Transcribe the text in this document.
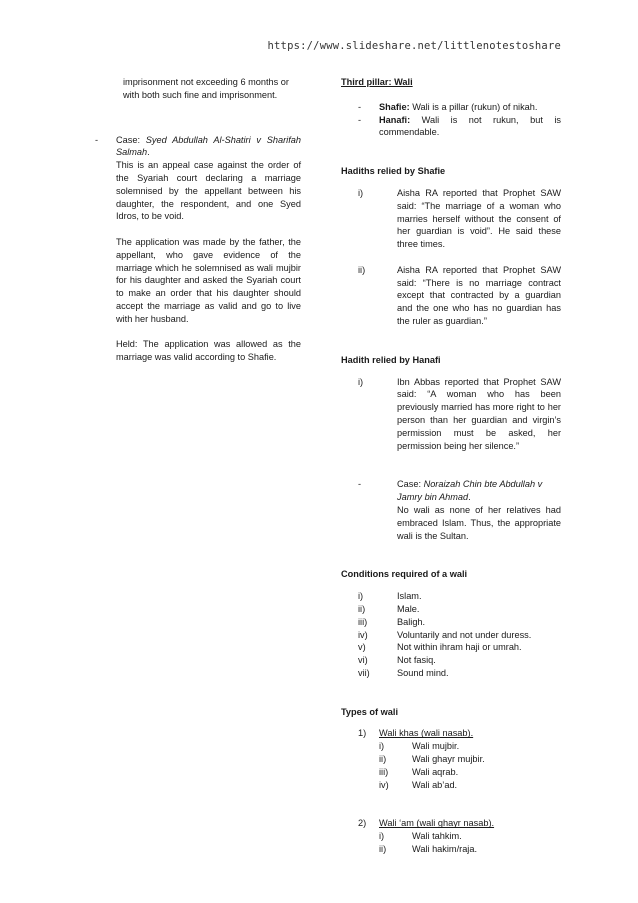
https://www.slideshare.net/littlenotestoshare

imprisonment not exceeding 6 months or
with both such fine and imprisonment.

-	Case: Syed Abdullah Al-Shatiri v Sharifah Salmah.

This is an appeal case against the order of the Syariah court declaring a marriage solemnised by the appellant between his daughter, the respondent, and one Syed Idros, to be void.

The application was made by the father, the appellant, who gave evidence of the marriage which he solemnised as wali mujbir for his daughter and asked the Syariah court to make an order that his daughter should accept the marriage as valid and go to live with her husband.

Held: The application was allowed as the marriage was valid according to Shafie.

Third pillar: Wali

-	Shafie: Wali is a pillar (rukun) of nikah.
-	Hanafi: Wali is not rukun, but is commendable.

Hadiths relied by Shafie

i)	Aisha RA reported that Prophet SAW said: “The marriage of a woman who marries herself without the consent of her guardian is void”. He said these three times.
ii)	Aisha RA reported that Prophet SAW said: “There is no marriage contract except that contracted by a guardian and the one who has no guardian has the ruler as guardian.”

Hadith relied by Hanafi

i)	Ibn Abbas reported that Prophet SAW said: “A woman who has been previously married has more right to her person than her guardian and virgin’s permission must be asked, her permission being her silence.”
-	Case: Noraizah Chin bte Abdullah v Jamry bin Ahmad.
No wali as none of her relatives had embraced Islam. Thus, the appropriate wali is the Sultan.

Conditions required of a wali

i)	Islam.
ii)	Male.
iii)	Baligh.
iv)	Voluntarily and not under duress.
v)	Not within ihram haji or umrah.
vi)	Not fasiq.
vii)	Sound mind.

Types of wali

1)	Wali khas (wali nasab).
i)	Wali mujbir.
ii)	Wali ghayr mujbir.
iii)	Wali aqrab.
iv)	Wali ab’ad.
2)	Wali ‘am (wali ghayr nasab).
i)	Wali tahkim.
ii)	Wali hakim/raja.
